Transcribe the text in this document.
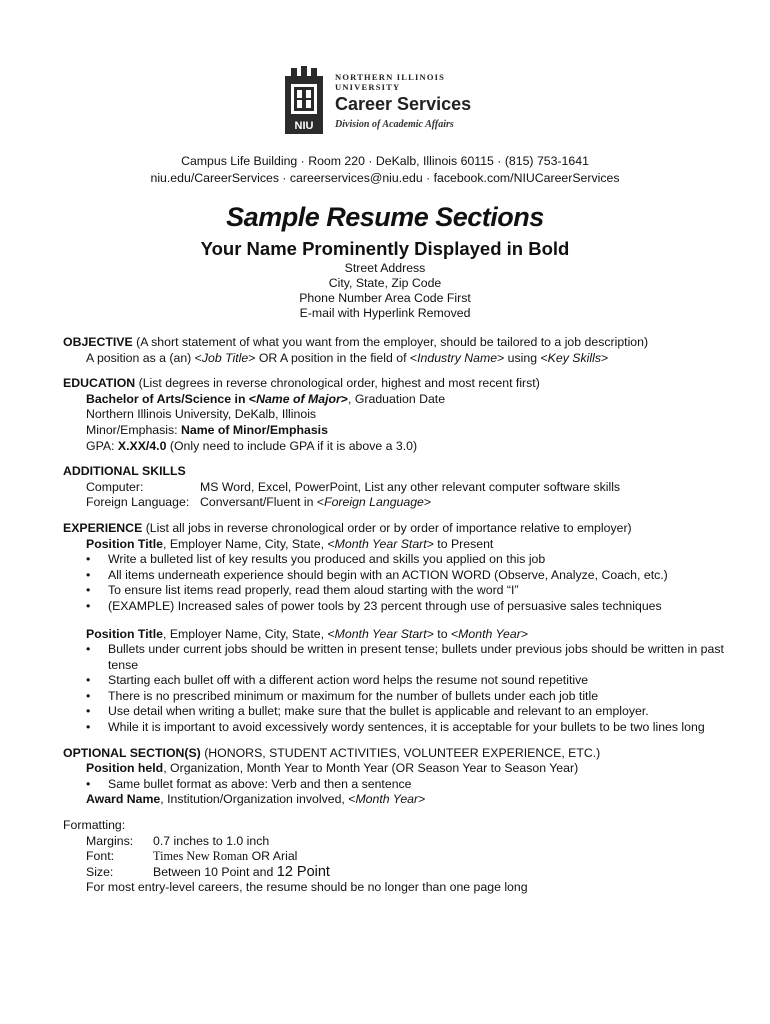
NIU
NORTHERN ILLINOIS UNIVERSITY
Career Services
Division of Academic Affairs
Campus Life Building · Room 220 · DeKalb, Illinois 60115 · (815) 753-1641
niu.edu/CareerServices · careerservices@niu.edu · facebook.com/NIUCareerServices
Sample Resume Sections
Your Name Prominently Displayed in Bold
Street Address
City, State, Zip Code
Phone Number Area Code First
E-mail with Hyperlink Removed

OBJECTIVE (A short statement of what you want from the employer, should be tailored to a job description)

A position as a (an) <Job Title> OR A position in the field of <Industry Name> using <Key Skills>

EDUCATION (List degrees in reverse chronological order, highest and most recent first)

Bachelor of Arts/Science in <Name of Major>, Graduation Date

Northern Illinois University, DeKalb, Illinois

Minor/Emphasis: Name of Minor/Emphasis

GPA: X.XX/4.0 (Only need to include GPA if it is above a 3.0)

ADDITIONAL SKILLS

Computer:	MS Word, Excel, PowerPoint, List any other relevant computer software skills
Foreign Language: Conversant/Fluent in <Foreign Language>

EXPERIENCE (List all jobs in reverse chronological order or by order of importance relative to employer)

Position Title, Employer Name, City, State, <Month Year Start> to Present

• Write a bulleted list of key results you produced and skills you applied on this job
• All items underneath experience should begin with an ACTION WORD (Observe, Analyze, Coach, etc.)
• To ensure list items read properly, read them aloud starting with the word “I”
• (EXAMPLE) Increased sales of power tools by 23 percent through use of persuasive sales techniques

Position Title, Employer Name, City, State, <Month Year Start> to <Month Year>

• Bullets under current jobs should be written in present tense; bullets under previous jobs should be written in past tense
• Starting each bullet off with a different action word helps the resume not sound repetitive
• There is no prescribed minimum or maximum for the number of bullets under each job title
• Use detail when writing a bullet; make sure that the bullet is applicable and relevant to an employer.
• While it is important to avoid excessively wordy sentences, it is acceptable for your bullets to be two lines long

OPTIONAL SECTION(S) (HONORS, STUDENT ACTIVITIES, VOLUNTEER EXPERIENCE, ETC.)

Position held, Organization, Month Year to Month Year (OR Season Year to Season Year)

• Same bullet format as above: Verb and then a sentence

Award Name, Institution/Organization involved, <Month Year>

Formatting:

Margins:	0.7 inches to 1.0 inch
Font:	Times New Roman OR Arial
Size:	Between 10 Point and 12 Point

For most entry-level careers, the resume should be no longer than one page long
